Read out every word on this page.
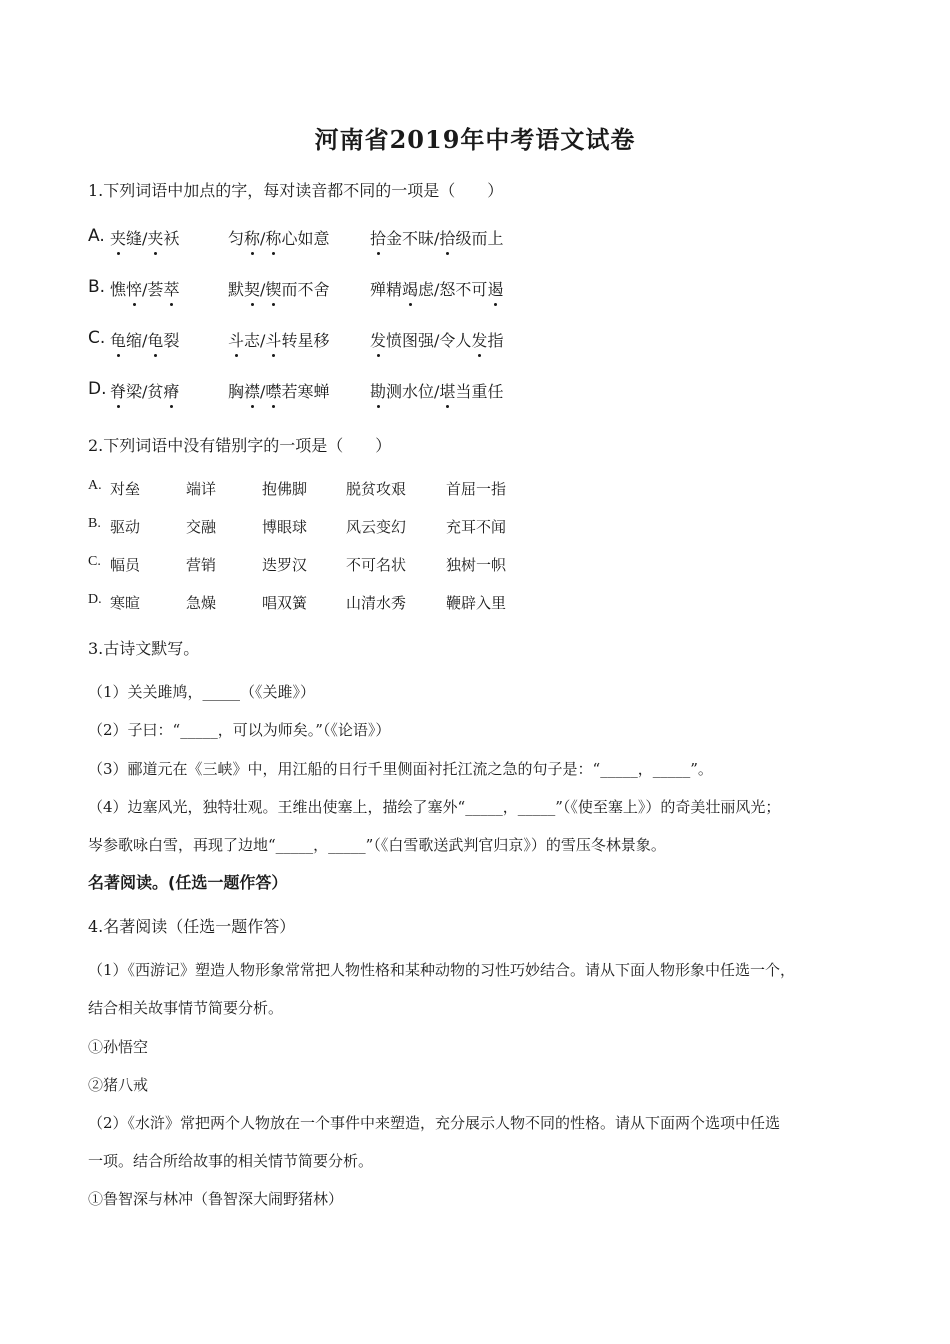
河南省2019年中考语文试卷
1.下列词语中加点的字，每对读音都不同的一项是（　　）
A. 夹缝/夹袄	匀称/称心如意	拾金不昧/拾级而上
B. 憔悴/荟萃	默契/锲而不舍	殚精竭虑/怒不可遏
C. 龟缩/龟裂	斗志/斗转星移	发愤图强/令人发指
D. 脊梁/贫瘠	胸襟/噤若寒蝉	勘测水位/堪当重任
2.下列词语中没有错别字的一项是（　　）
A. 对垒	端详	抱佛脚	脱贫攻艰	首屈一指
B. 驱动	交融	博眼球	风云变幻	充耳不闻
C. 幅员	营销	迭罗汉	不可名状	独树一帜
D. 寒暄	急燥	唱双簧	山清水秀	鞭辟入里
3.古诗文默写。
（1）关关雎鸠，_____（《关雎》）
（2）子曰：“_____，可以为师矣。”（《论语》）
（3）郦道元在《三峡》中，用江船的日行千里侧面衬托江流之急的句子是：“_____，_____”。
（4）边塞风光，独特壮观。王维出使塞上，描绘了塞外“_____，_____”（《使至塞上》）的奇美壮丽风光；
岑参歌咏白雪，再现了边地“_____，_____”（《白雪歌送武判官归京》）的雪压冬林景象。
名著阅读。(任选一题作答）
4.名著阅读（任选一题作答）
（1）《西游记》塑造人物形象常常把人物性格和某种动物的习性巧妙结合。请从下面人物形象中任选一个，
结合相关故事情节简要分析。
①孙悟空
②猪八戒
（2）《水浒》常把两个人物放在一个事件中来塑造，充分展示人物不同的性格。请从下面两个选项中任选
一项。结合所给故事的相关情节简要分析。
①鲁智深与林冲（鲁智深大闹野猪林）
